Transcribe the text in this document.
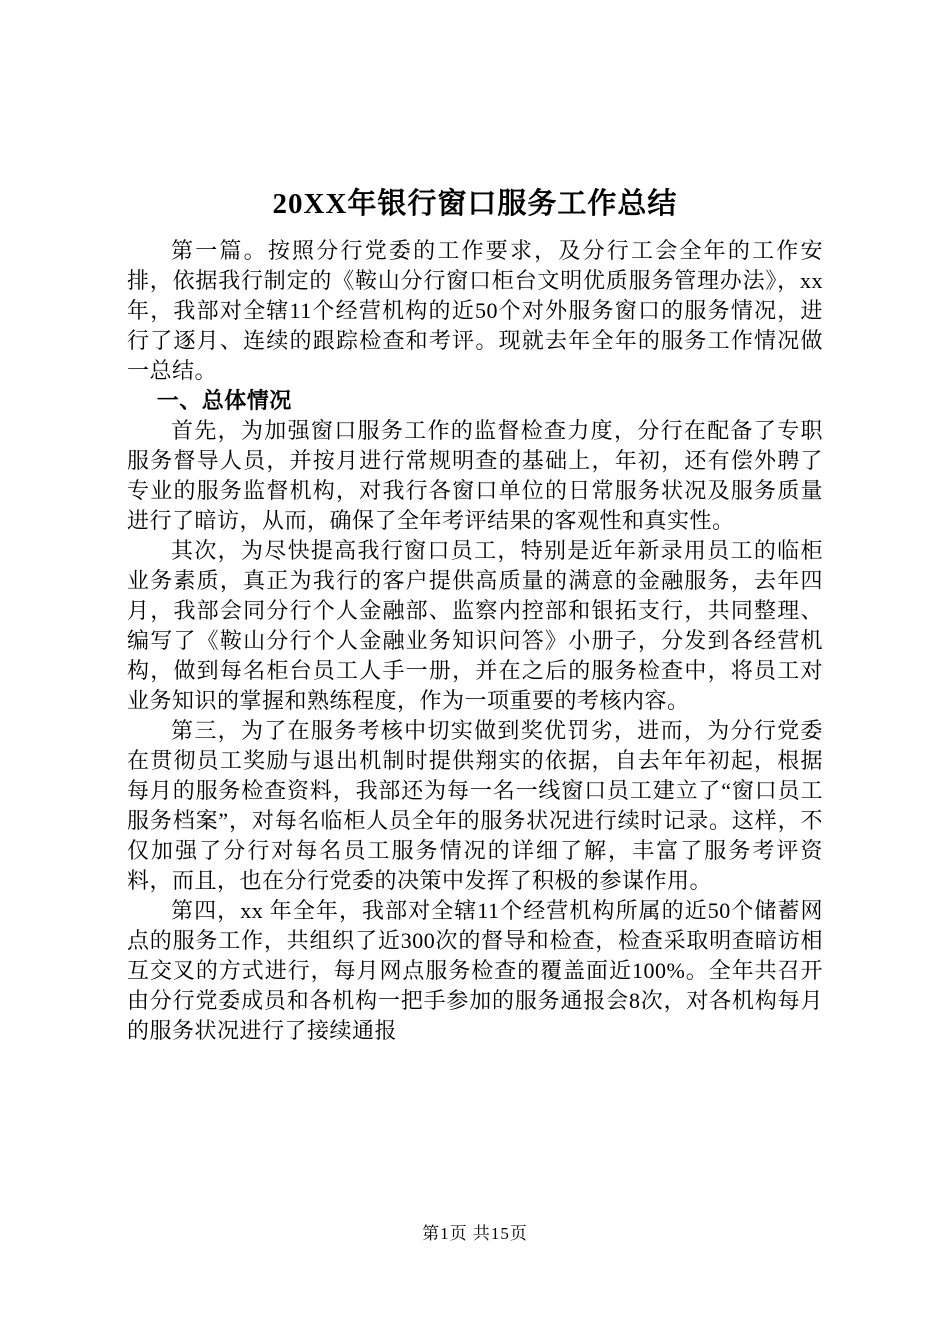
20XX年银行窗口服务工作总结

第一篇。按照分行党委的工作要求，及分行工会全年的工作安排，依据我行制定的《鞍山分行窗口柜台文明优质服务管理办法》，xx 年，我部对全辖11个经营机构的近50个对外服务窗口的服务情况，进行了逐月、连续的跟踪检查和考评。现就去年全年的服务工作情况做一总结。

一、总体情况

首先，为加强窗口服务工作的监督检查力度，分行在配备了专职服务督导人员，并按月进行常规明查的基础上，年初，还有偿外聘了专业的服务监督机构，对我行各窗口单位的日常服务状况及服务质量进行了暗访，从而，确保了全年考评结果的客观性和真实性。

其次，为尽快提高我行窗口员工，特别是近年新录用员工的临柜业务素质，真正为我行的客户提供高质量的满意的金融服务，去年四月，我部会同分行个人金融部、监察内控部和银拓支行，共同整理、编写了《鞍山分行个人金融业务知识问答》小册子，分发到各经营机构，做到每名柜台员工人手一册，并在之后的服务检查中，将员工对业务知识的掌握和熟练程度，作为一项重要的考核内容。

第三，为了在服务考核中切实做到奖优罚劣，进而，为分行党委在贯彻员工奖励与退出机制时提供翔实的依据，自去年年初起，根据每月的服务检查资料，我部还为每一名一线窗口员工建立了“窗口员工服务档案”，对每名临柜人员全年的服务状况进行续时记录。这样，不仅加强了分行对每名员工服务情况的详细了解，丰富了服务考评资料，而且，也在分行党委的决策中发挥了积极的参谋作用。

第四，xx 年全年，我部对全辖11个经营机构所属的近50个储蓄网点的服务工作，共组织了近300次的督导和检查，检查采取明查暗访相互交叉的方式进行，每月网点服务检查的覆盖面近100%。全年共召开由分行党委成员和各机构一把手参加的服务通报会8次，对各机构每月的服务状况进行了接续通报

第1页 共15页
